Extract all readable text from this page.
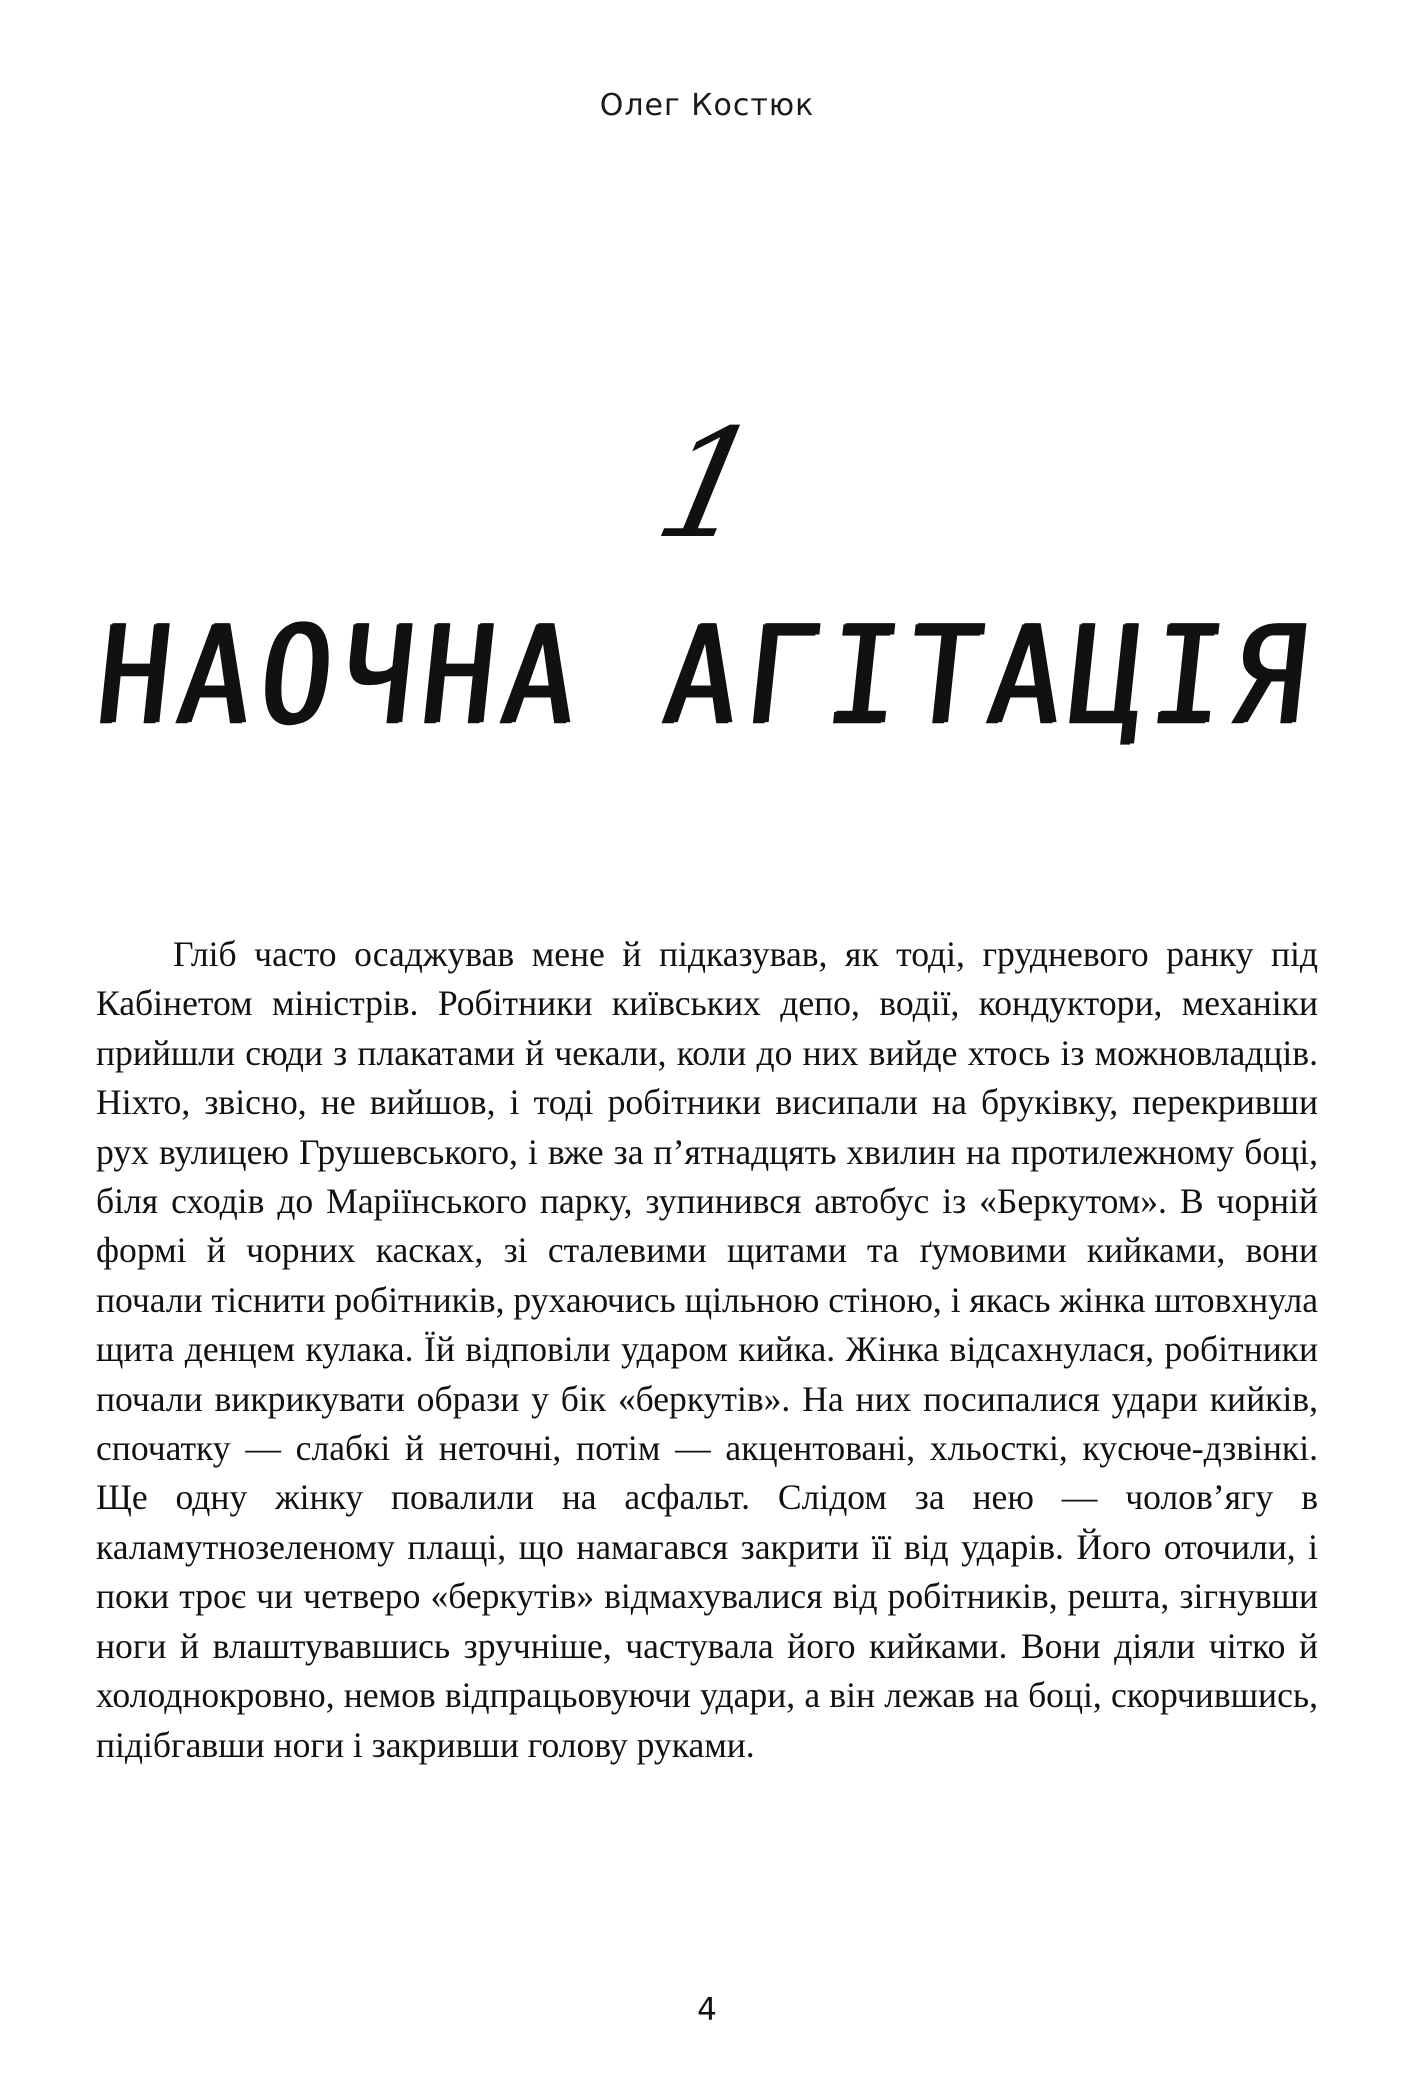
Олег Костюк
1
НАОЧНА АГІТАЦІЯ

Гліб часто осаджував мене й підказував, як тоді, грудневого ранку під Кабінетом міністрів. Робітники київських депо, водії, кондуктори, механіки прийшли сюди з плакатами й чекали, коли до них вийде хтось із можновладців. Ніхто, звісно, не вийшов, і тоді робітники висипали на бруківку, перекривши рух вулицею Грушевського, і вже за п’ятнадцять хвилин на протилежному боці, біля сходів до Маріїнського парку, зупинився автобус із «Беркутом». В чорній формі й чорних касках, зі сталевими щитами та ґумовими кийками, вони почали тіснити робітників, рухаючись щільною стіною, і якась жінка штовхнула щита денцем кулака. Їй відповіли ударом кийка. Жінка відсахнулася, робітники почали викрикувати образи у бік «беркутів». На них посипалися удари кийків, спочатку — слабкі й неточні, потім — акцентовані, хльосткі, кусюче-дзвінкі. Ще одну жінку повалили на асфальт. Слідом за нею — чолов’ягу в каламутнозеленому плащі, що намагався закрити її від ударів. Його оточили, і поки троє чи четверо «беркутів» відмахувалися від робітників, решта, зігнувши ноги й влаштувавшись зручніше, частувала його кийками. Вони діяли чітко й холоднокровно, немов відпрацьовуючи удари, а він лежав на боці, скорчившись, підібгавши ноги і закривши голову руками.

4
